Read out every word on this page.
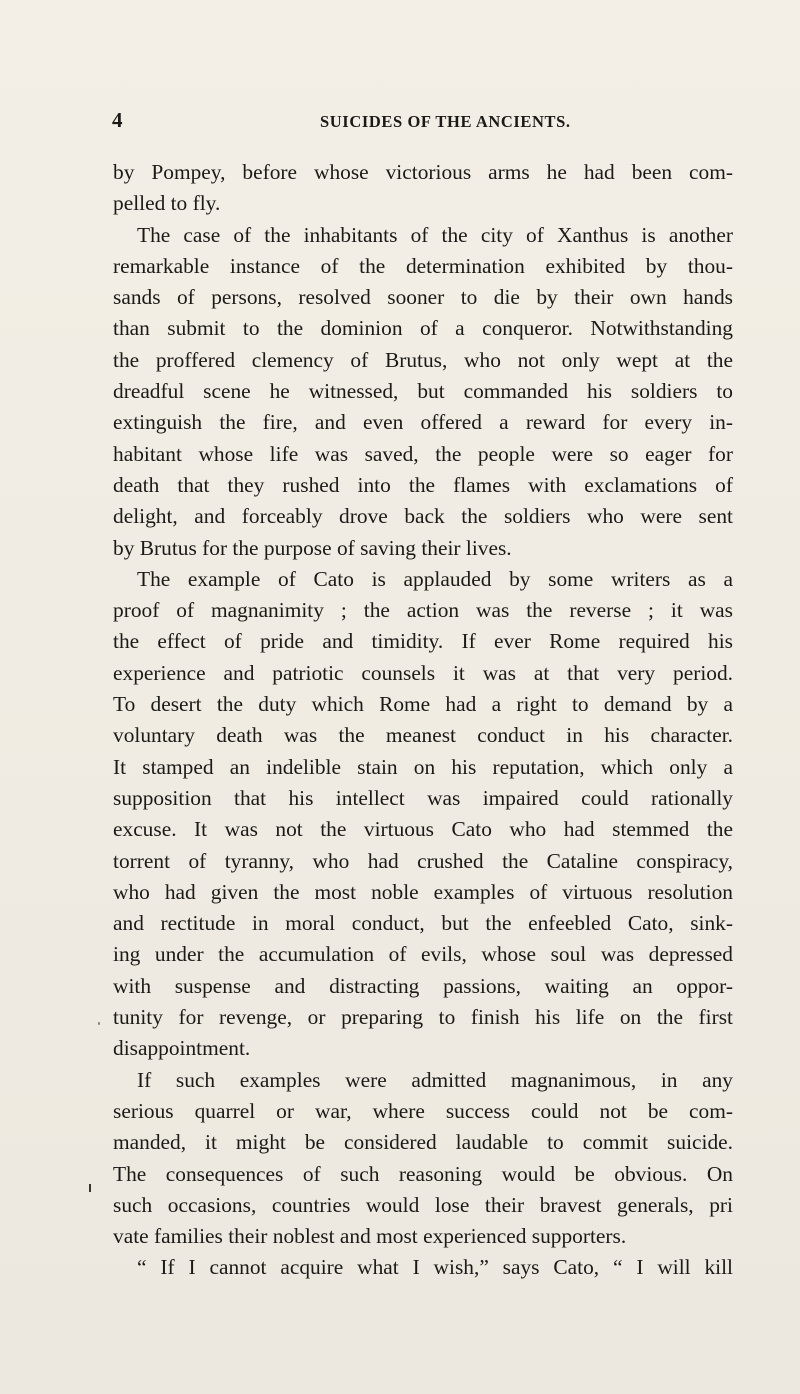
4	SUICIDES OF THE ANCIENTS.
by Pompey, before whose victorious arms he had been com-
pelled to fly.
The case of the inhabitants of the city of Xanthus is another
remarkable instance of the determination exhibited by thou-
sands of persons, resolved sooner to die by their own hands
than submit to the dominion of a conqueror. Notwithstanding
the proffered clemency of Brutus, who not only wept at the
dreadful scene he witnessed, but commanded his soldiers to
extinguish the fire, and even offered a reward for every in-
habitant whose life was saved, the people were so eager for
death that they rushed into the flames with exclamations of
delight, and forceably drove back the soldiers who were sent
by Brutus for the purpose of saving their lives.
The example of Cato is applauded by some writers as a
proof of magnanimity ; the action was the reverse ; it was
the effect of pride and timidity. If ever Rome required his
experience and patriotic counsels it was at that very period.
To desert the duty which Rome had a right to demand by a
voluntary death was the meanest conduct in his character.
It stamped an indelible stain on his reputation, which only a
supposition that his intellect was impaired could rationally
excuse. It was not the virtuous Cato who had stemmed the
torrent of tyranny, who had crushed the Cataline conspiracy,
who had given the most noble examples of virtuous resolution
and rectitude in moral conduct, but the enfeebled Cato, sink-
ing under the accumulation of evils, whose soul was depressed
with suspense and distracting passions, waiting an oppor-
tunity for revenge, or preparing to finish his life on the first
disappointment.
If such examples were admitted magnanimous, in any
serious quarrel or war, where success could not be com-
manded, it might be considered laudable to commit suicide.
The consequences of such reasoning would be obvious. On
such occasions, countries would lose their bravest generals, pri
vate families their noblest and most experienced supporters.
“ If I cannot acquire what I wish,” says Cato, “ I will kill
